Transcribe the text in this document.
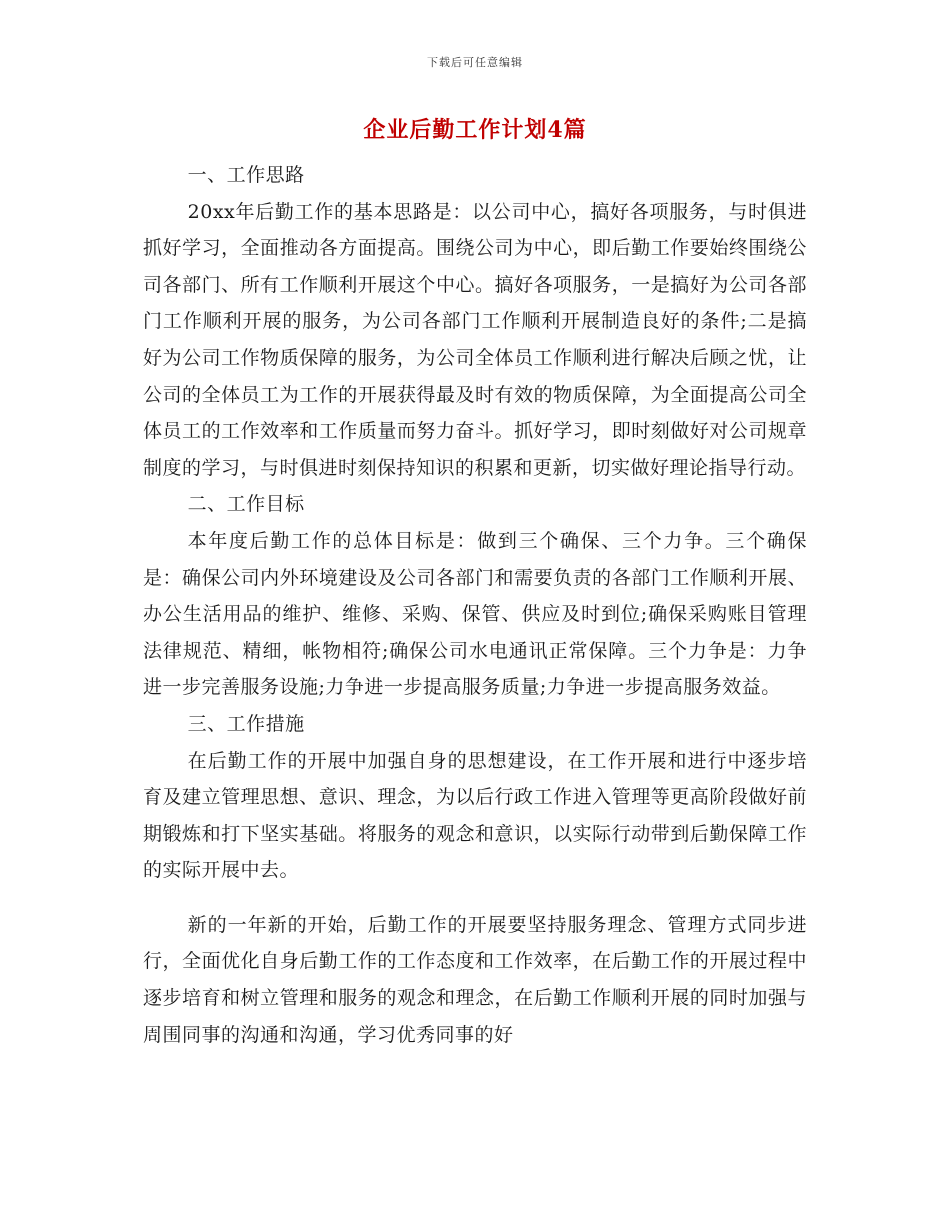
下载后可任意编辑
企业后勤工作计划4篇

一、工作思路

20xx年后勤工作的基本思路是：以公司中心，搞好各项服务，与时俱进抓好学习，全面推动各方面提高。围绕公司为中心，即后勤工作要始终围绕公司各部门、所有工作顺利开展这个中心。搞好各项服务，一是搞好为公司各部门工作顺利开展的服务，为公司各部门工作顺利开展制造良好的条件;二是搞好为公司工作物质保障的服务，为公司全体员工作顺利进行解决后顾之忧，让公司的全体员工为工作的开展获得最及时有效的物质保障，为全面提高公司全体员工的工作效率和工作质量而努力奋斗。抓好学习，即时刻做好对公司规章制度的学习，与时俱进时刻保持知识的积累和更新，切实做好理论指导行动。

二、工作目标

本年度后勤工作的总体目标是：做到三个确保、三个力争。三个确保是：确保公司内外环境建设及公司各部门和需要负责的各部门工作顺利开展、办公生活用品的维护、维修、采购、保管、供应及时到位;确保采购账目管理法律规范、精细，帐物相符;确保公司水电通讯正常保障。三个力争是：力争进一步完善服务设施;力争进一步提高服务质量;力争进一步提高服务效益。

三、工作措施

在后勤工作的开展中加强自身的思想建设，在工作开展和进行中逐步培育及建立管理思想、意识、理念，为以后行政工作进入管理等更高阶段做好前期锻炼和打下坚实基础。将服务的观念和意识，以实际行动带到后勤保障工作的实际开展中去。

新的一年新的开始，后勤工作的开展要坚持服务理念、管理方式同步进行，全面优化自身后勤工作的工作态度和工作效率，在后勤工作的开展过程中逐步培育和树立管理和服务的观念和理念，在后勤工作顺利开展的同时加强与周围同事的沟通和沟通，学习优秀同事的好
